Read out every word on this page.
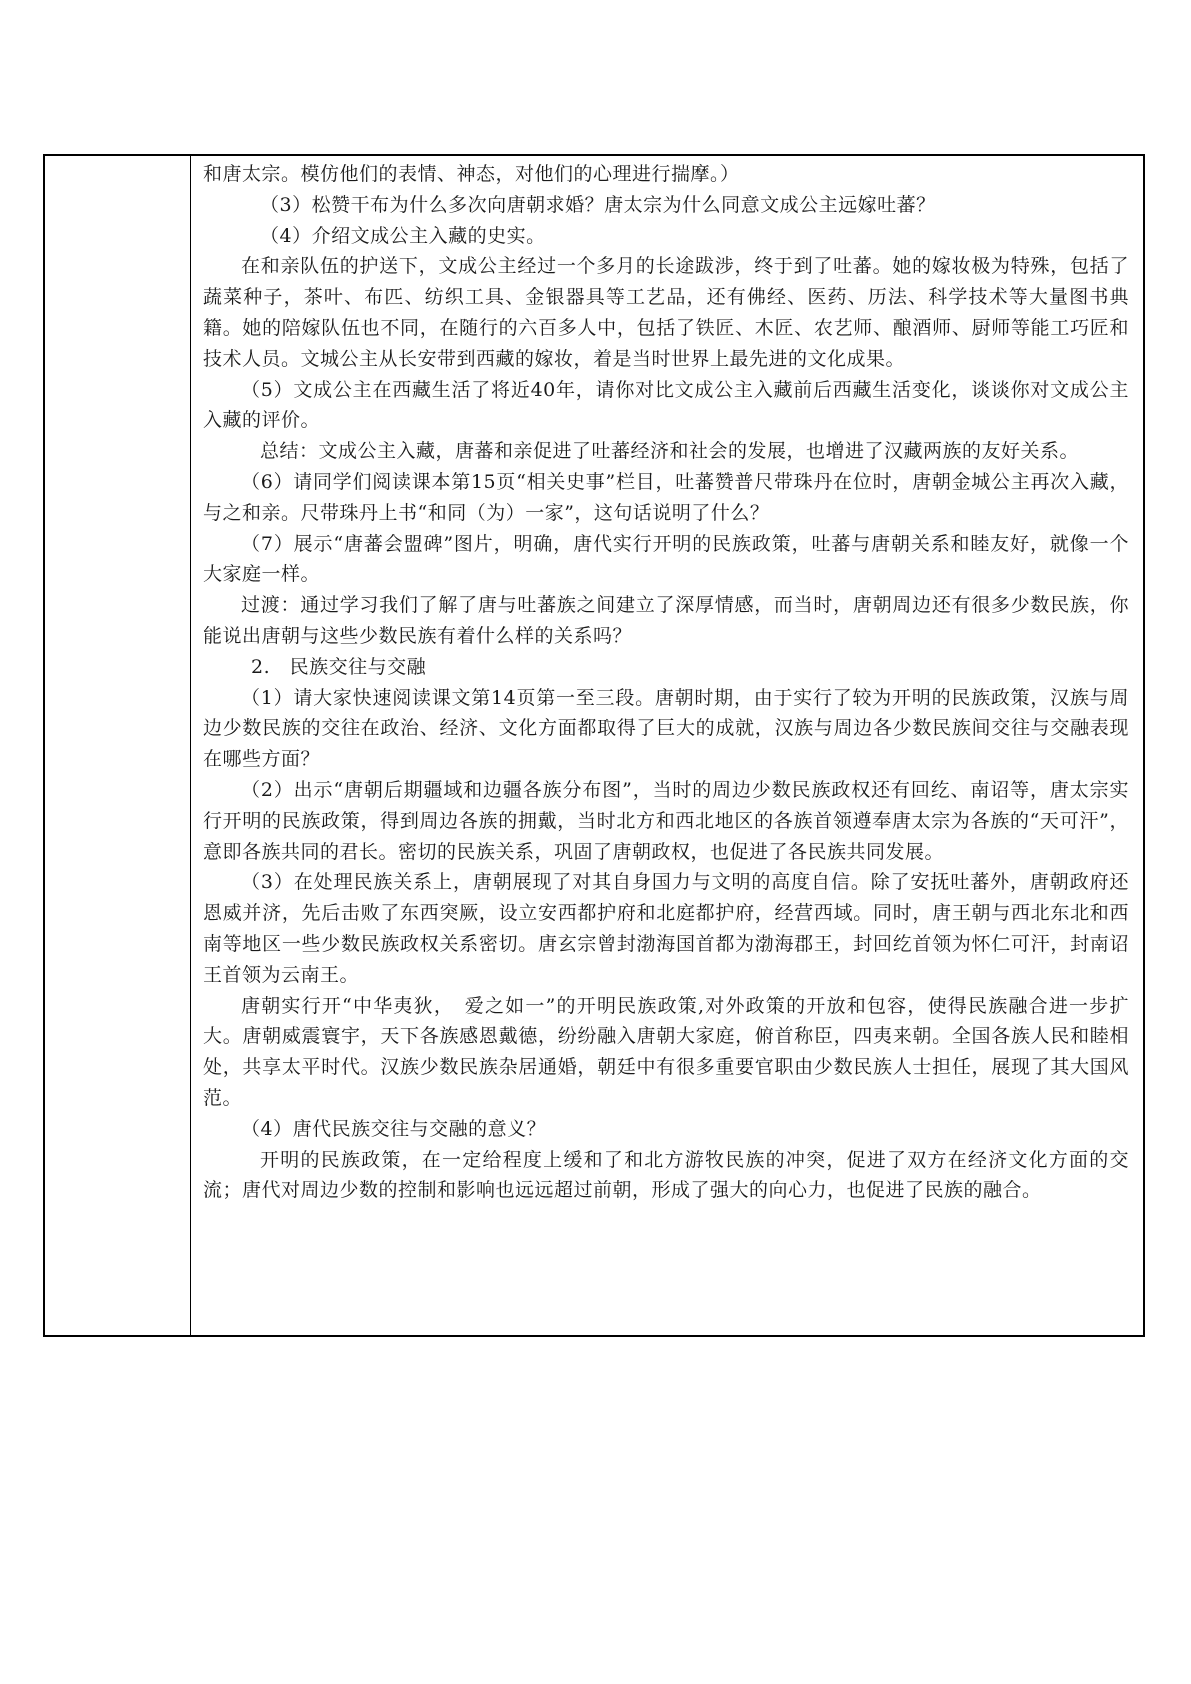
和唐太宗。模仿他们的表情、神态，对他们的心理进行揣摩。）

（3）松赞干布为什么多次向唐朝求婚？唐太宗为什么同意文成公主远嫁吐蕃？

（4）介绍文成公主入藏的史实。

在和亲队伍的护送下，文成公主经过一个多月的长途跋涉，终于到了吐蕃。她的嫁妆极为特殊，包括了蔬菜种子，茶叶、布匹、纺织工具、金银器具等工艺品，还有佛经、医药、历法、科学技术等大量图书典籍。她的陪嫁队伍也不同，在随行的六百多人中，包括了铁匠、木匠、农艺师、酿酒师、厨师等能工巧匠和技术人员。文城公主从长安带到西藏的嫁妆，着是当时世界上最先进的文化成果。

（5）文成公主在西藏生活了将近40年，请你对比文成公主入藏前后西藏生活变化，谈谈你对文成公主入藏的评价。

总结：文成公主入藏，唐蕃和亲促进了吐蕃经济和社会的发展，也增进了汉藏两族的友好关系。

（6）请同学们阅读课本第15页“相关史事”栏目，吐蕃赞普尺带珠丹在位时，唐朝金城公主再次入藏，与之和亲。尺带珠丹上书“和同（为）一家”，这句话说明了什么？

（7）展示“唐蕃会盟碑”图片，明确，唐代实行开明的民族政策，吐蕃与唐朝关系和睦友好，就像一个大家庭一样。

过渡：通过学习我们了解了唐与吐蕃族之间建立了深厚情感，而当时，唐朝周边还有很多少数民族，你能说出唐朝与这些少数民族有着什么样的关系吗？

2.　民族交往与交融

（1）请大家快速阅读课文第14页第一至三段。唐朝时期，由于实行了较为开明的民族政策，汉族与周边少数民族的交往在政治、经济、文化方面都取得了巨大的成就，汉族与周边各少数民族间交往与交融表现在哪些方面？

（2）出示“唐朝后期疆域和边疆各族分布图”，当时的周边少数民族政权还有回纥、南诏等，唐太宗实行开明的民族政策，得到周边各族的拥戴，当时北方和西北地区的各族首领遵奉唐太宗为各族的“天可汗”，意即各族共同的君长。密切的民族关系，巩固了唐朝政权，也促进了各民族共同发展。

（3）在处理民族关系上，唐朝展现了对其自身国力与文明的高度自信。除了安抚吐蕃外，唐朝政府还恩威并济，先后击败了东西突厥，设立安西都护府和北庭都护府，经营西域。同时，唐王朝与西北东北和西南等地区一些少数民族政权关系密切。唐玄宗曾封渤海国首都为渤海郡王，封回纥首领为怀仁可汗，封南诏王首领为云南王。

唐朝实行开“中华夷狄，　爱之如一”的开明民族政策,对外政策的开放和包容，使得民族融合进一步扩大。唐朝威震寰宇，天下各族感恩戴德，纷纷融入唐朝大家庭，俯首称臣，四夷来朝。全国各族人民和睦相处，共享太平时代。汉族少数民族杂居通婚，朝廷中有很多重要官职由少数民族人士担任，展现了其大国风范。

（4）唐代民族交往与交融的意义？

开明的民族政策，在一定给程度上缓和了和北方游牧民族的冲突，促进了双方在经济文化方面的交流；唐代对周边少数的控制和影响也远远超过前朝，形成了强大的向心力，也促进了民族的融合。
